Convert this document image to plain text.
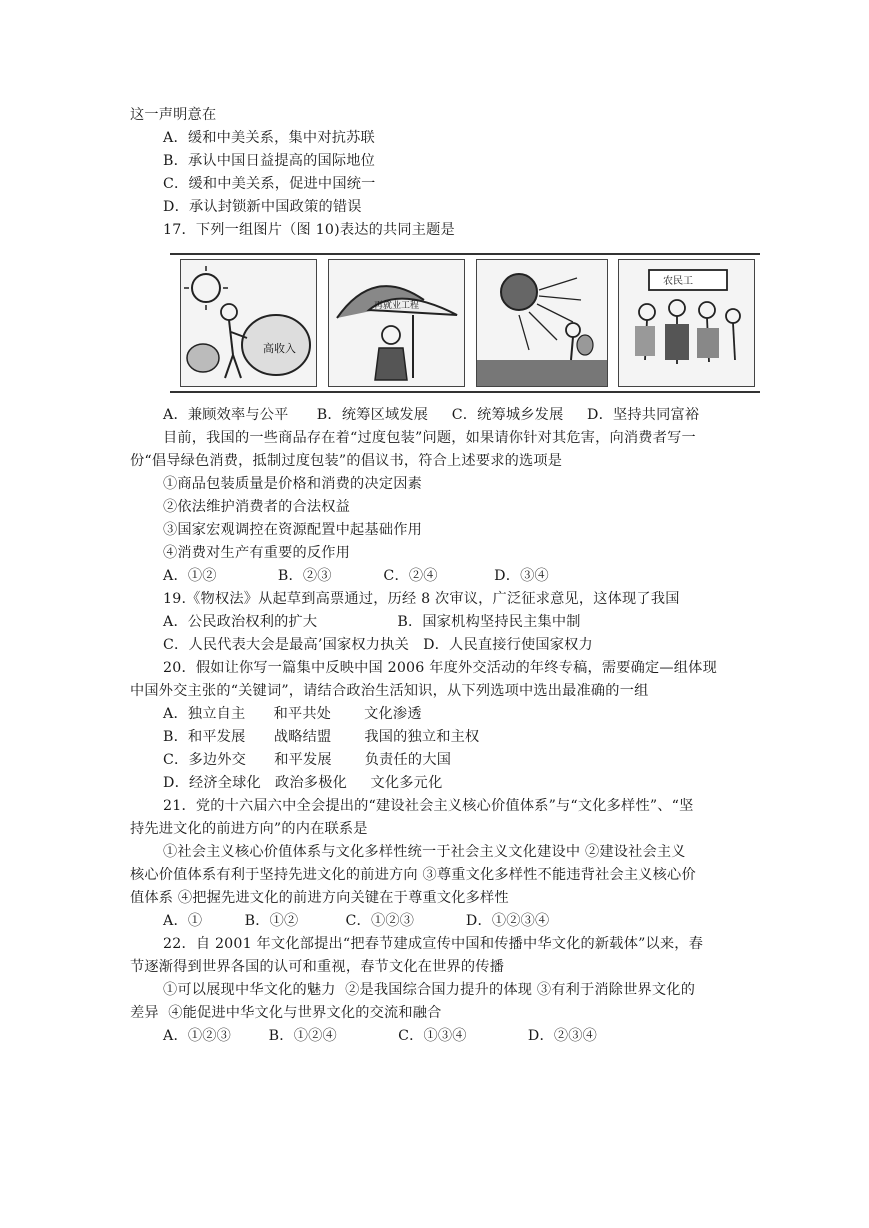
这一声明意在
A．缓和中美关系，集中对抗苏联
B．承认中国日益提高的国际地位
C．缓和中美关系，促进中国统一
D．承认封锁新中国政策的错误
17．下列一组图片（图 10)表达的共同主题是
高收入
再就业工程
农民工
A．兼顾效率与公平      B．统筹区域发展     C．统筹城乡发展     D．坚持共同富裕
目前，我国的一些商品存在着“过度包装”问题，如果请你针对其危害，向消费者写一
份“倡导绿色消费，抵制过度包装”的倡议书，符合上述要求的选项是
①商品包装质量是价格和消费的决定因素
②依法维护消费者的合法权益
③国家宏观调控在资源配置中起基础作用
④消费对生产有重要的反作用
A．①②             B．②③           C．②④            D．③④
19.《物权法》从起草到高票通过，历经 8 次审议，广泛征求意见，这体现了我国
A．公民政治权利的扩大                 B．国家机构坚持民主集中制
C．人民代表大会是最高’国家权力执关   D．人民直接行使国家权力
20．假如让你写一篇集中反映中国 2006 年度外交活动的年终专稿，需要确定—组体现
中国外交主张的“关键词”，请结合政治生活知识，从下列选项中选出最准确的一组
A．独立自主      和平共处       文化渗透
B．和平发展      战略结盟       我国的独立和主权
C．多边外交      和平发展       负责任的大国
D．经济全球化   政治多极化     文化多元化
21．党的十六届六中全会提出的“建设社会主义核心价值体系”与“文化多样性”、“坚
持先进文化的前进方向”的内在联系是
①社会主义核心价值体系与文化多样性统一于社会主义文化建设中 ②建设社会主义
核心价值体系有利于坚持先进文化的前进方向 ③尊重文化多样性不能违背社会主义核心价
值体系 ④把握先进文化的前进方向关键在于尊重文化多样性
A．①         B．①②          C．①②③           D．①②③④
22．自 2001 年文化部提出“把春节建成宣传中国和传播中华文化的新载体”以来，春
节逐渐得到世界各国的认可和重视，春节文化在世界的传播
①可以展现中华文化的魅力  ②是我国综合国力提升的体现 ③有利于消除世界文化的
差异  ④能促进中华文化与世界文化的交流和融合
A．①②③        B．①②④             C．①③④             D．②③④
